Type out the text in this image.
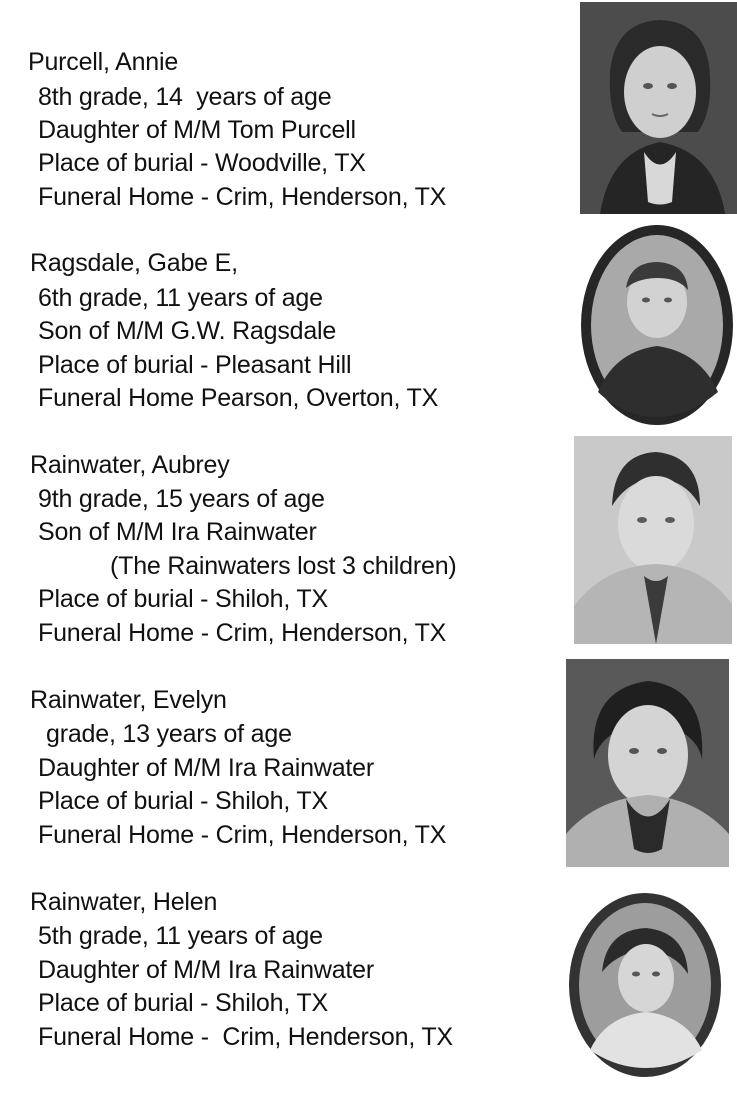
Purcell, Annie
8th grade, 14  years of age
Daughter of M/M Tom Purcell
Place of burial - Woodville, TX
Funeral Home - Crim, Henderson, TX
Ragsdale, Gabe E,
6th grade, 11 years of age
Son of M/M G.W. Ragsdale
Place of burial - Pleasant Hill
Funeral Home Pearson, Overton, TX
Rainwater, Aubrey
9th grade, 15 years of age
Son of M/M Ira Rainwater
(The Rainwaters lost 3 children)
Place of burial - Shiloh, TX
Funeral Home - Crim, Henderson, TX
Rainwater, Evelyn
grade, 13 years of age
Daughter of M/M Ira Rainwater
Place of burial - Shiloh, TX
Funeral Home - Crim, Henderson, TX
Rainwater, Helen
5th grade, 11 years of age
Daughter of M/M Ira Rainwater
Place of burial - Shiloh, TX
Funeral Home -  Crim, Henderson, TX
